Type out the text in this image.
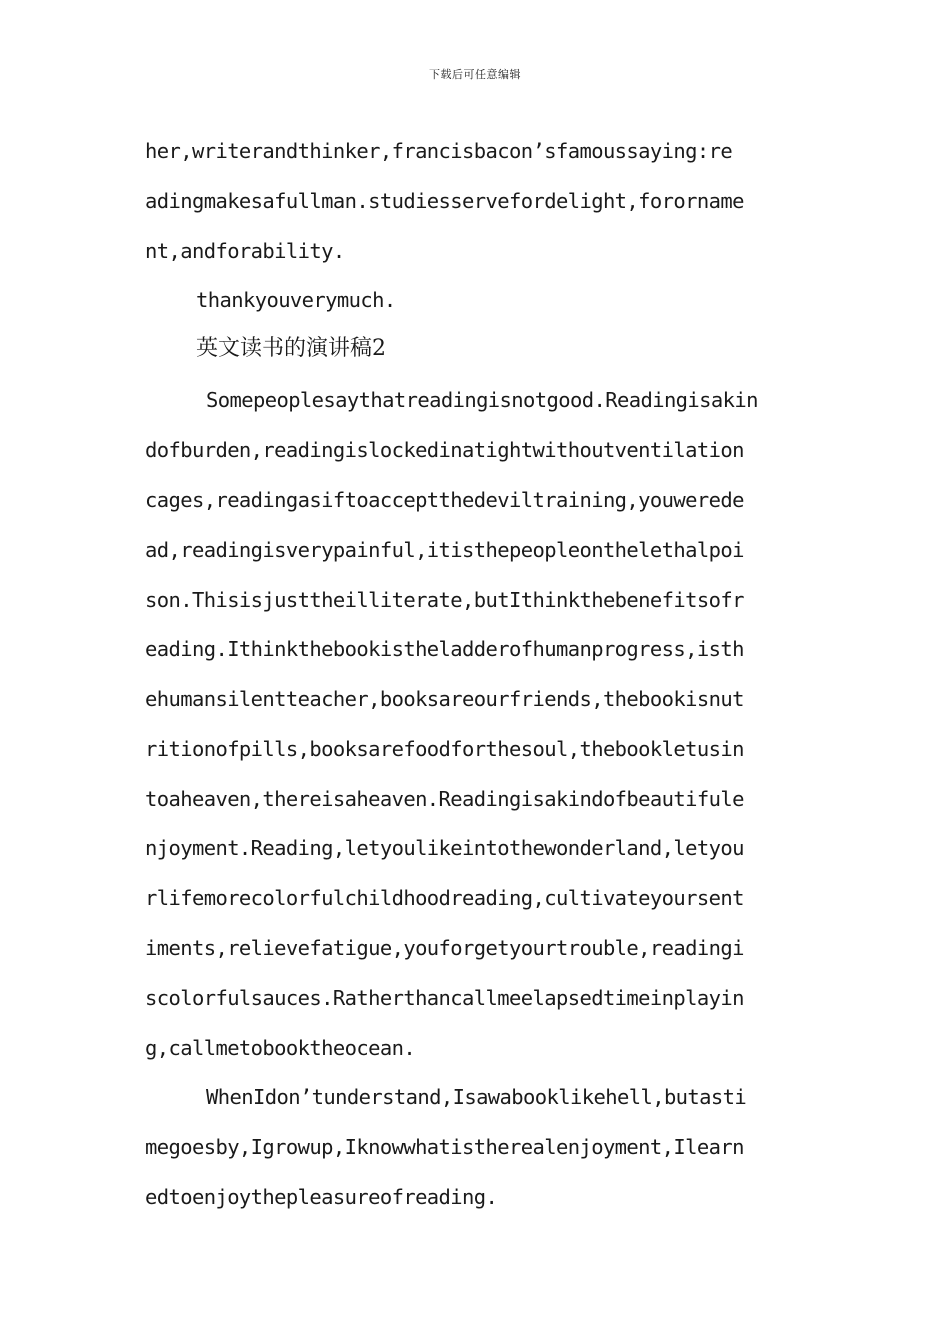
下载后可任意编辑
her,writerandthinker,francisbacon’sfamoussaying:re
adingmakesafullman.studiesservefordelight,forornamе
nt,andforability.
thankyouverymuch.
英文读书的演讲稿2
Somepeoplesaythatreadingisnotgood.Readingisakin
dofburden,readingislockedinatightwithoutventilation
cages,readingasiftoacceptthedeviltraining,youwerede
ad,readingisverypainful,itisthepeopleonthelethalpoi
son.Thisisjusttheilliterate,butIthinkthebenefitsofr
eading.Ithinkthebookistheladderofhumanprogress,isth
ehumansilentteacher,booksareourfriends,thebookisnut
ritionofpills,booksarefoodforthesoul,thebookletusin
toaheaven,thereisaheaven.Readingisakindofbeautifule
njoyment.Reading,letyoulikeintothewonderland,letyou
rlifemorecolorfulchildhoodreading,cultivateyoursent
iments,relievefatigue,youforgetyourtrouble,readingi
scolorfulsauces.Ratherthancallmeelapsedtimeinplayin
g,callmetobooktheocean.
WhenIdon’tunderstand,Isawabooklikehell,butasti
megoesby,Igrowup,Iknowwhatistherealenjoyment,Ilearn
edtoenjoythepleasureofreading.
